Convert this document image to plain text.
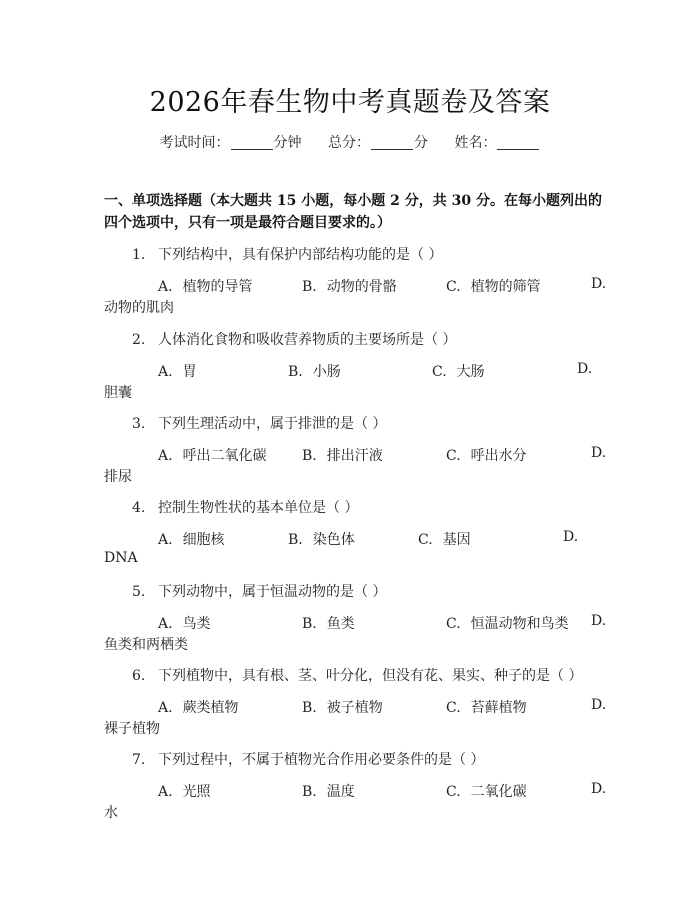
2026年春生物中考真题卷及答案
考试时间：	分钟 总分：	分 姓名：
一、单项选择题（本大题共 15 小题，每小题 2 分，共 30 分。在每小题列出的四个选项中，只有一项是最符合题目要求的。）
1. 下列结构中，具有保护内部结构功能的是（ ）
A. 植物的导管	B. 动物的骨骼	C. 植物的筛管	D.
动物的肌肉
2. 人体消化食物和吸收营养物质的主要场所是（ ）
A. 胃	B. 小肠	C. 大肠	D.
胆囊
3. 下列生理活动中，属于排泄的是（ ）
A. 呼出二氧化碳	B. 排出汗液	C. 呼出水分	D.
排尿
4. 控制生物性状的基本单位是（ ）
A. 细胞核	B. 染色体	C. 基因	D.
DNA
5. 下列动物中，属于恒温动物的是（ ）
A. 鸟类	B. 鱼类	C. 恒温动物和鸟类 D.
鱼类和两栖类
6. 下列植物中，具有根、茎、叶分化，但没有花、果实、种子的是（ ）
A. 蕨类植物	B. 被子植物	C. 苔藓植物	D.
裸子植物
7. 下列过程中，不属于植物光合作用必要条件的是（ ）
A. 光照	B. 温度	C. 二氧化碳	D.
水
